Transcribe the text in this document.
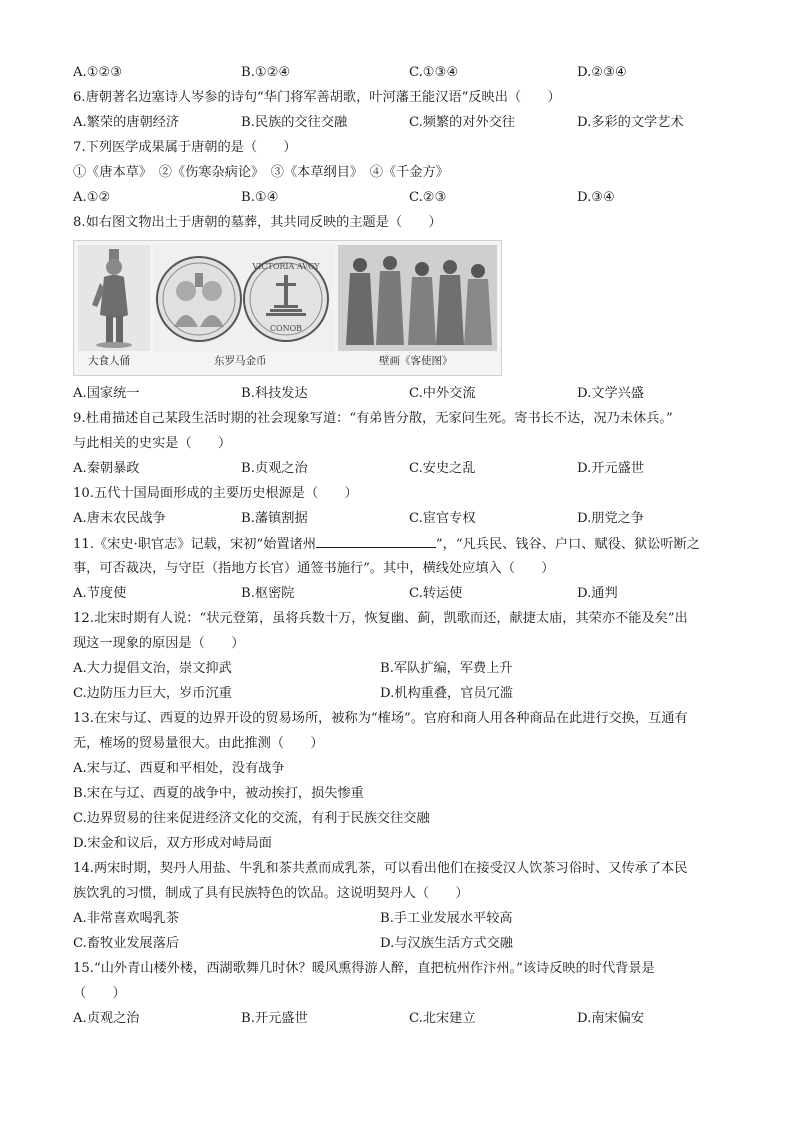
A.①②③	B.①②④	C.①③④	D.②③④
6.唐朝著名边塞诗人岑参的诗句“华门将军善胡歌，叶河藩王能汉语”反映出（　　）
A.繁荣的唐朝经济	B.民族的交往交融	C.频繁的对外交往	D.多彩的文学艺术
7.下列医学成果属于唐朝的是（　　）
①《唐本草》　②《伤寒杂病论》　③《本草纲目》　④《千金方》
A.①②	B.①④	C.②③	D.③④
8.如右图文物出土于唐朝的墓葬，其共同反映的主题是（　　）
VICTORIA AVGY
CONOB
大食人俑	东罗马金币	壁画《客使图》
A.国家统一	B.科技发达	C.中外交流	D.文学兴盛
9.杜甫描述自己某段生活时期的社会现象写道：“有弟皆分散，无家问生死。寄书长不达，况乃未休兵。”
与此相关的史实是（　　）
A.秦朝暴政	B.贞观之治	C.安史之乱	D.开元盛世
10.五代十国局面形成的主要历史根源是（　　）
A.唐末农民战争	B.藩镇割据	C.宦官专权	D.朋党之争
11.《宋史·职官志》记载，宋初“始置诸州	”，“凡兵民、钱谷、户口、赋役、狱讼听断之
事，可否裁决，与守臣（指地方长官）通签书施行”。其中，横线处应填入（　　）
A.节度使	B.枢密院	C.转运使	D.通判
12.北宋时期有人说：“状元登第，虽将兵数十万，恢复幽、蓟，凯歌而还，献捷太庙，其荣亦不能及矣”出
现这一现象的原因是（　　）
A.大力提倡文治，崇文抑武	B.军队扩编，军费上升
C.边防压力巨大，岁币沉重	D.机构重叠，官员冗滥
13.在宋与辽、西夏的边界开设的贸易场所，被称为“榷场”。官府和商人用各种商品在此进行交换，互通有
无，榷场的贸易量很大。由此推测（　　）
A.宋与辽、西夏和平相处，没有战争
B.宋在与辽、西夏的战争中，被动挨打，损失惨重
C.边界贸易的往来促进经济文化的交流，有利于民族交往交融
D.宋金和议后，双方形成对峙局面
14.两宋时期，契丹人用盐、牛乳和茶共煮而成乳茶，可以看出他们在接受汉人饮茶习俗时、又传承了本民
族饮乳的习惯，制成了具有民族特色的饮品。这说明契丹人（　　）
A.非常喜欢喝乳茶	B.手工业发展水平较高
C.畜牧业发展落后	D.与汉族生活方式交融
15.“山外青山楼外楼，西湖歌舞几时休？暖风熏得游人醉，直把杭州作汴州。”该诗反映的时代背景是
（　　）
A.贞观之治	B.开元盛世	C.北宋建立	D.南宋偏安
